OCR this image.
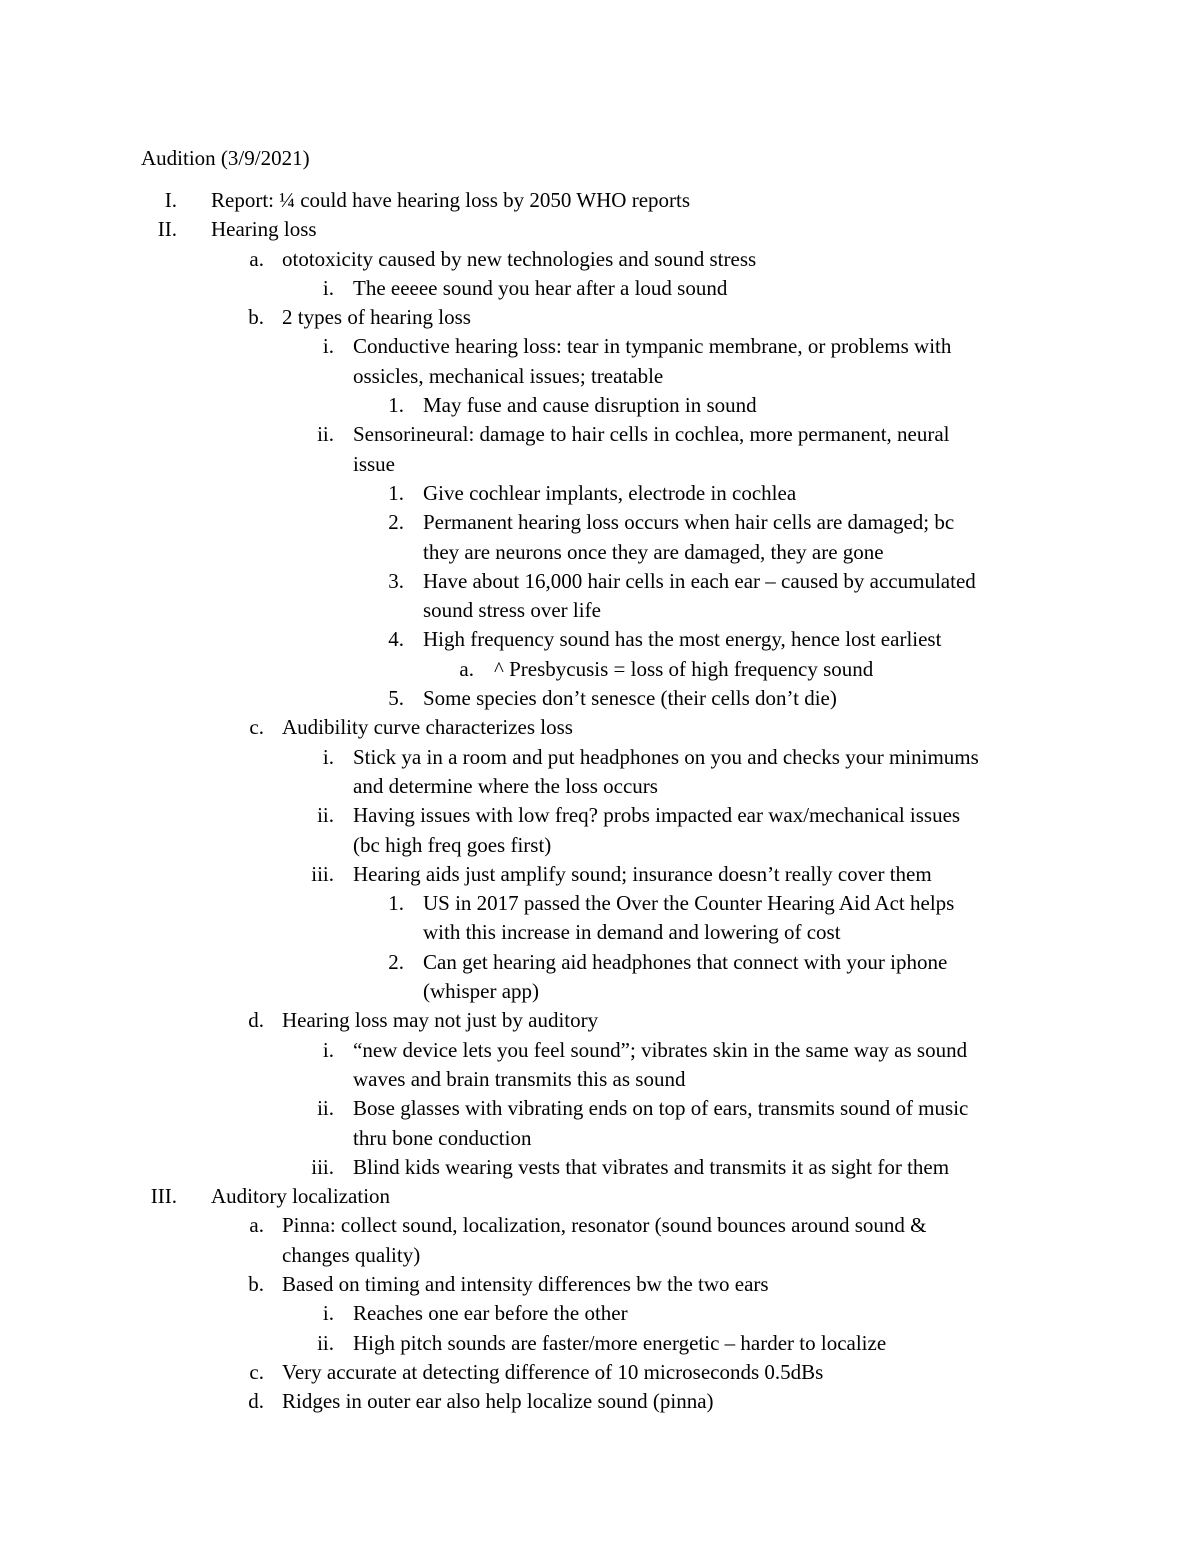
Audition (3/9/2021)
I. Report: ¼ could have hearing loss by 2050 WHO reports
II. Hearing loss
a. ototoxicity caused by new technologies and sound stress
i. The eeeee sound you hear after a loud sound
b. 2 types of hearing loss
i. Conductive hearing loss: tear in tympanic membrane, or problems with
ossicles, mechanical issues; treatable
1. May fuse and cause disruption in sound
ii. Sensorineural: damage to hair cells in cochlea, more permanent, neural
issue
1. Give cochlear implants, electrode in cochlea
2. Permanent hearing loss occurs when hair cells are damaged; bc
they are neurons once they are damaged, they are gone
3. Have about 16,000 hair cells in each ear – caused by accumulated
sound stress over life
4. High frequency sound has the most energy, hence lost earliest
a. ^ Presbycusis = loss of high frequency sound
5. Some species don’t senesce (their cells don’t die)
c. Audibility curve characterizes loss
i. Stick ya in a room and put headphones on you and checks your minimums
and determine where the loss occurs
ii. Having issues with low freq? probs impacted ear wax/mechanical issues
(bc high freq goes first)
iii. Hearing aids just amplify sound; insurance doesn’t really cover them
1. US in 2017 passed the Over the Counter Hearing Aid Act helps
with this increase in demand and lowering of cost
2. Can get hearing aid headphones that connect with your iphone
(whisper app)
d. Hearing loss may not just by auditory
i. “new device lets you feel sound”; vibrates skin in the same way as sound
waves and brain transmits this as sound
ii. Bose glasses with vibrating ends on top of ears, transmits sound of music
thru bone conduction
iii. Blind kids wearing vests that vibrates and transmits it as sight for them
III. Auditory localization
a. Pinna: collect sound, localization, resonator (sound bounces around sound &
changes quality)
b. Based on timing and intensity differences bw the two ears
i. Reaches one ear before the other
ii. High pitch sounds are faster/more energetic – harder to localize
c. Very accurate at detecting difference of 10 microseconds 0.5dBs
d. Ridges in outer ear also help localize sound (pinna)
